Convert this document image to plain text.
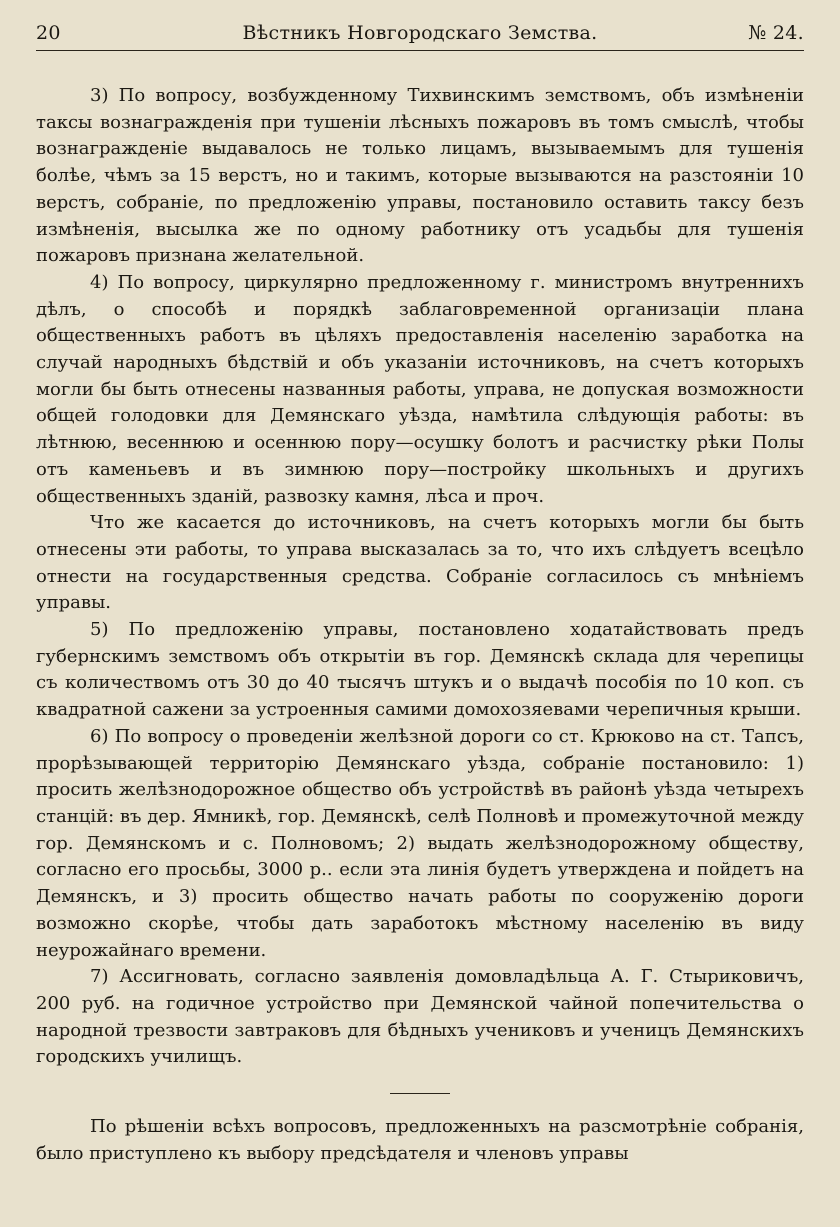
20	Вѣстникъ Новгородскаго Земства.	№ 24.

3) По вопросу, возбужденному Тихвинскимъ земствомъ, объ измѣненіи таксы вознагражденія при тушеніи лѣсныхъ пожаровъ въ томъ смыслѣ, чтобы вознагражденіе выдавалось не только лицамъ, вызываемымъ для тушенія болѣе, чѣмъ за 15 верстъ, но и такимъ, которые вызываются на разстояніи 10 верстъ, собраніе, по предложенію управы, постановило оставить таксу безъ измѣненія, высылка же по одному работнику отъ усадьбы для тушенія пожаровъ признана желательной.

4) По вопросу, циркулярно предложенному г. министромъ внутреннихъ дѣлъ, о способѣ и порядкѣ заблаговременной организаціи плана общественныхъ работъ въ цѣляхъ предоставленія населенію заработка на случай народныхъ бѣдствій и объ указаніи источниковъ, на счетъ которыхъ могли бы быть отнесены названныя работы, управа, не допуская возможности общей голодовки для Демянскаго уѣзда, намѣтила слѣдующія работы: въ лѣтнюю, весеннюю и осеннюю пору—осушку болотъ и расчистку рѣки Полы отъ каменьевъ и въ зимнюю пору—постройку школьныхъ и другихъ общественныхъ зданій, развозку камня, лѣса и проч.

Что же касается до источниковъ, на счетъ которыхъ могли бы быть отнесены эти работы, то управа высказалась за то, что ихъ слѣдуетъ всецѣло отнести на государственныя средства. Собраніе согласилось съ мнѣніемъ управы.

5) По предложенію управы, постановлено ходатайствовать предъ губернскимъ земствомъ объ открытіи въ гор. Демянскѣ склада для черепицы съ количествомъ отъ 30 до 40 тысячъ штукъ и о выдачѣ пособія по 10 коп. съ квадратной сажени за устроенныя самими домохозяевами черепичныя крыши.

6) По вопросу о проведеніи желѣзной дороги со ст. Крюково на ст. Тапсъ, прорѣзывающей территорію Демянскаго уѣзда, собраніе постановило: 1) просить желѣзнодорожное общество объ устройствѣ въ районѣ уѣзда четырехъ станцій: въ дер. Ямникѣ, гор. Демянскѣ, селѣ Полновѣ и промежуточной между гор. Демянскомъ и с. Полновомъ; 2) выдать желѣзнодорожному обществу, согласно его просьбы, 3000 р.. если эта линія будетъ утверждена и пойдетъ на Демянскъ, и 3) просить общество начать работы по сооруженію дороги возможно скорѣе, чтобы дать заработокъ мѣстному населенію въ виду неурожайнаго времени.

7) Ассигновать, согласно заявленія домовладѣльца А. Г. Стыриковичъ, 200 руб. на годичное устройство при Демянской чайной попечительства о народной трезвости завтраковъ для бѣдныхъ учениковъ и ученицъ Демянскихъ городскихъ училищъ.

По рѣшеніи всѣхъ вопросовъ, предложенныхъ на разсмотрѣніе собранія, было приступлено къ выбору предсѣдателя и членовъ управы
